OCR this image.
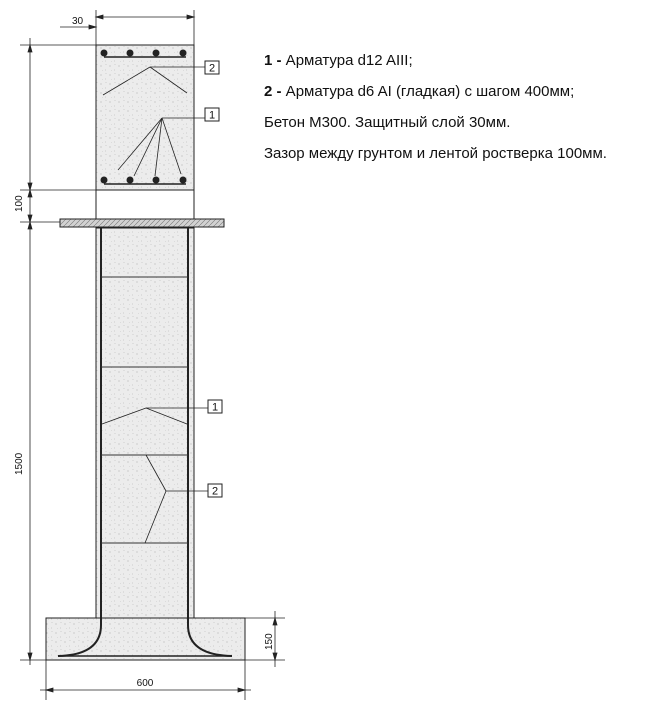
2
1
1
2
30
100
1500
150
600
1 - Арматура d12 AIII;
2 - Арматура d6 AI (гладкая) с шагом 400мм;
Бетон М300. Защитный слой 30мм.
Зазор между грунтом и лентой ростверка 100мм.
